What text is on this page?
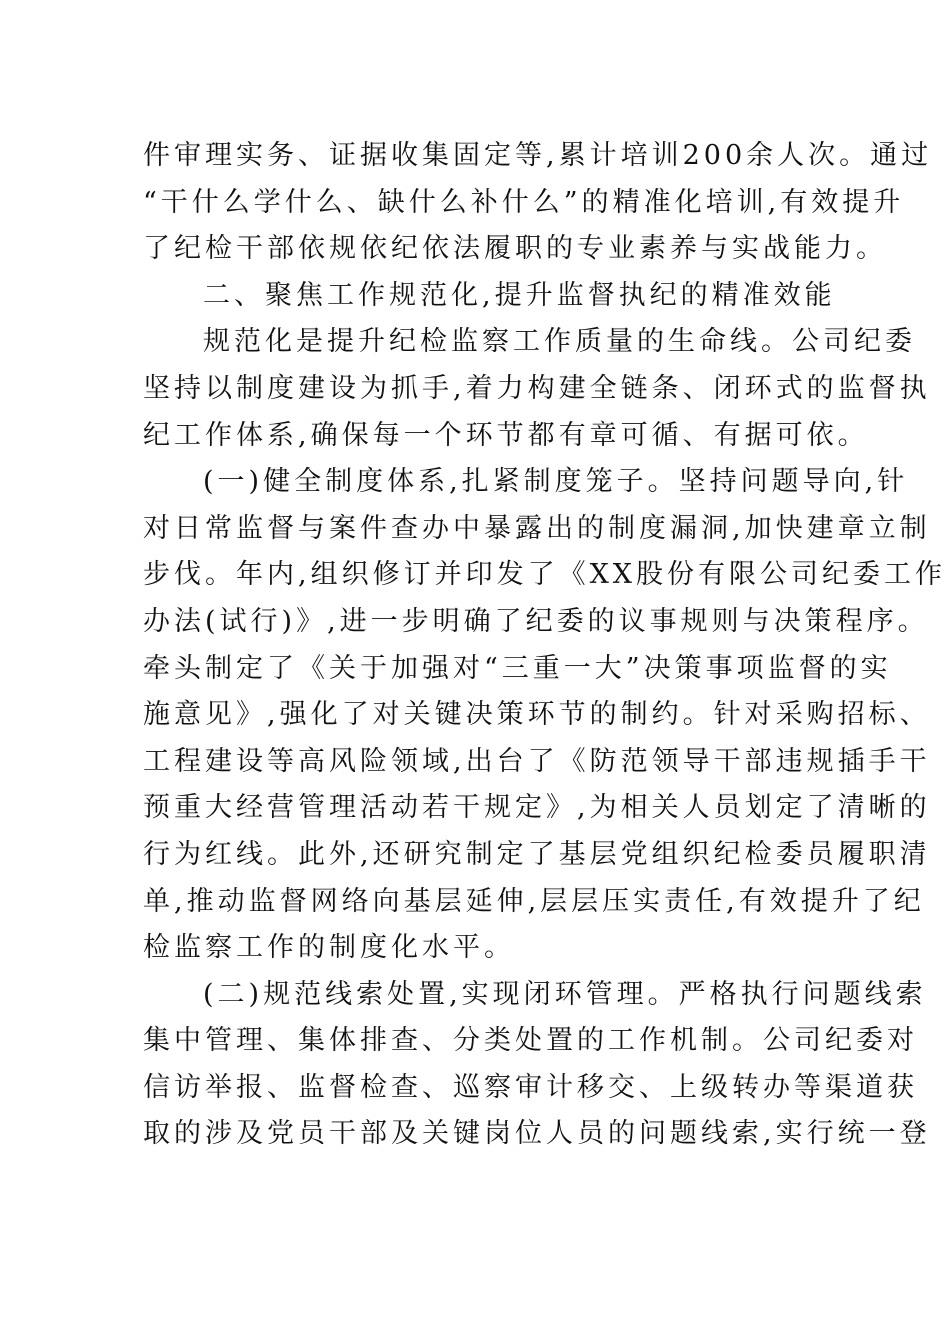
件审理实务、证据收集固定等,累计培训200余人次。通过
“干什么学什么、缺什么补什么”的精准化培训,有效提升
了纪检干部依规依纪依法履职的专业素养与实战能力。
二、聚焦工作规范化,提升监督执纪的精准效能
规范化是提升纪检监察工作质量的生命线。公司纪委
坚持以制度建设为抓手,着力构建全链条、闭环式的监督执
纪工作体系,确保每一个环节都有章可循、有据可依。
(一)健全制度体系,扎紧制度笼子。坚持问题导向,针
对日常监督与案件查办中暴露出的制度漏洞,加快建章立制
步伐。年内,组织修订并印发了《XX股份有限公司纪委工作
办法(试行)》,进一步明确了纪委的议事规则与决策程序。
牵头制定了《关于加强对“三重一大”决策事项监督的实
施意见》,强化了对关键决策环节的制约。针对采购招标、
工程建设等高风险领域,出台了《防范领导干部违规插手干
预重大经营管理活动若干规定》,为相关人员划定了清晰的
行为红线。此外,还研究制定了基层党组织纪检委员履职清
单,推动监督网络向基层延伸,层层压实责任,有效提升了纪
检监察工作的制度化水平。
(二)规范线索处置,实现闭环管理。严格执行问题线索
集中管理、集体排查、分类处置的工作机制。公司纪委对
信访举报、监督检查、巡察审计移交、上级转办等渠道获
取的涉及党员干部及关键岗位人员的问题线索,实行统一登
